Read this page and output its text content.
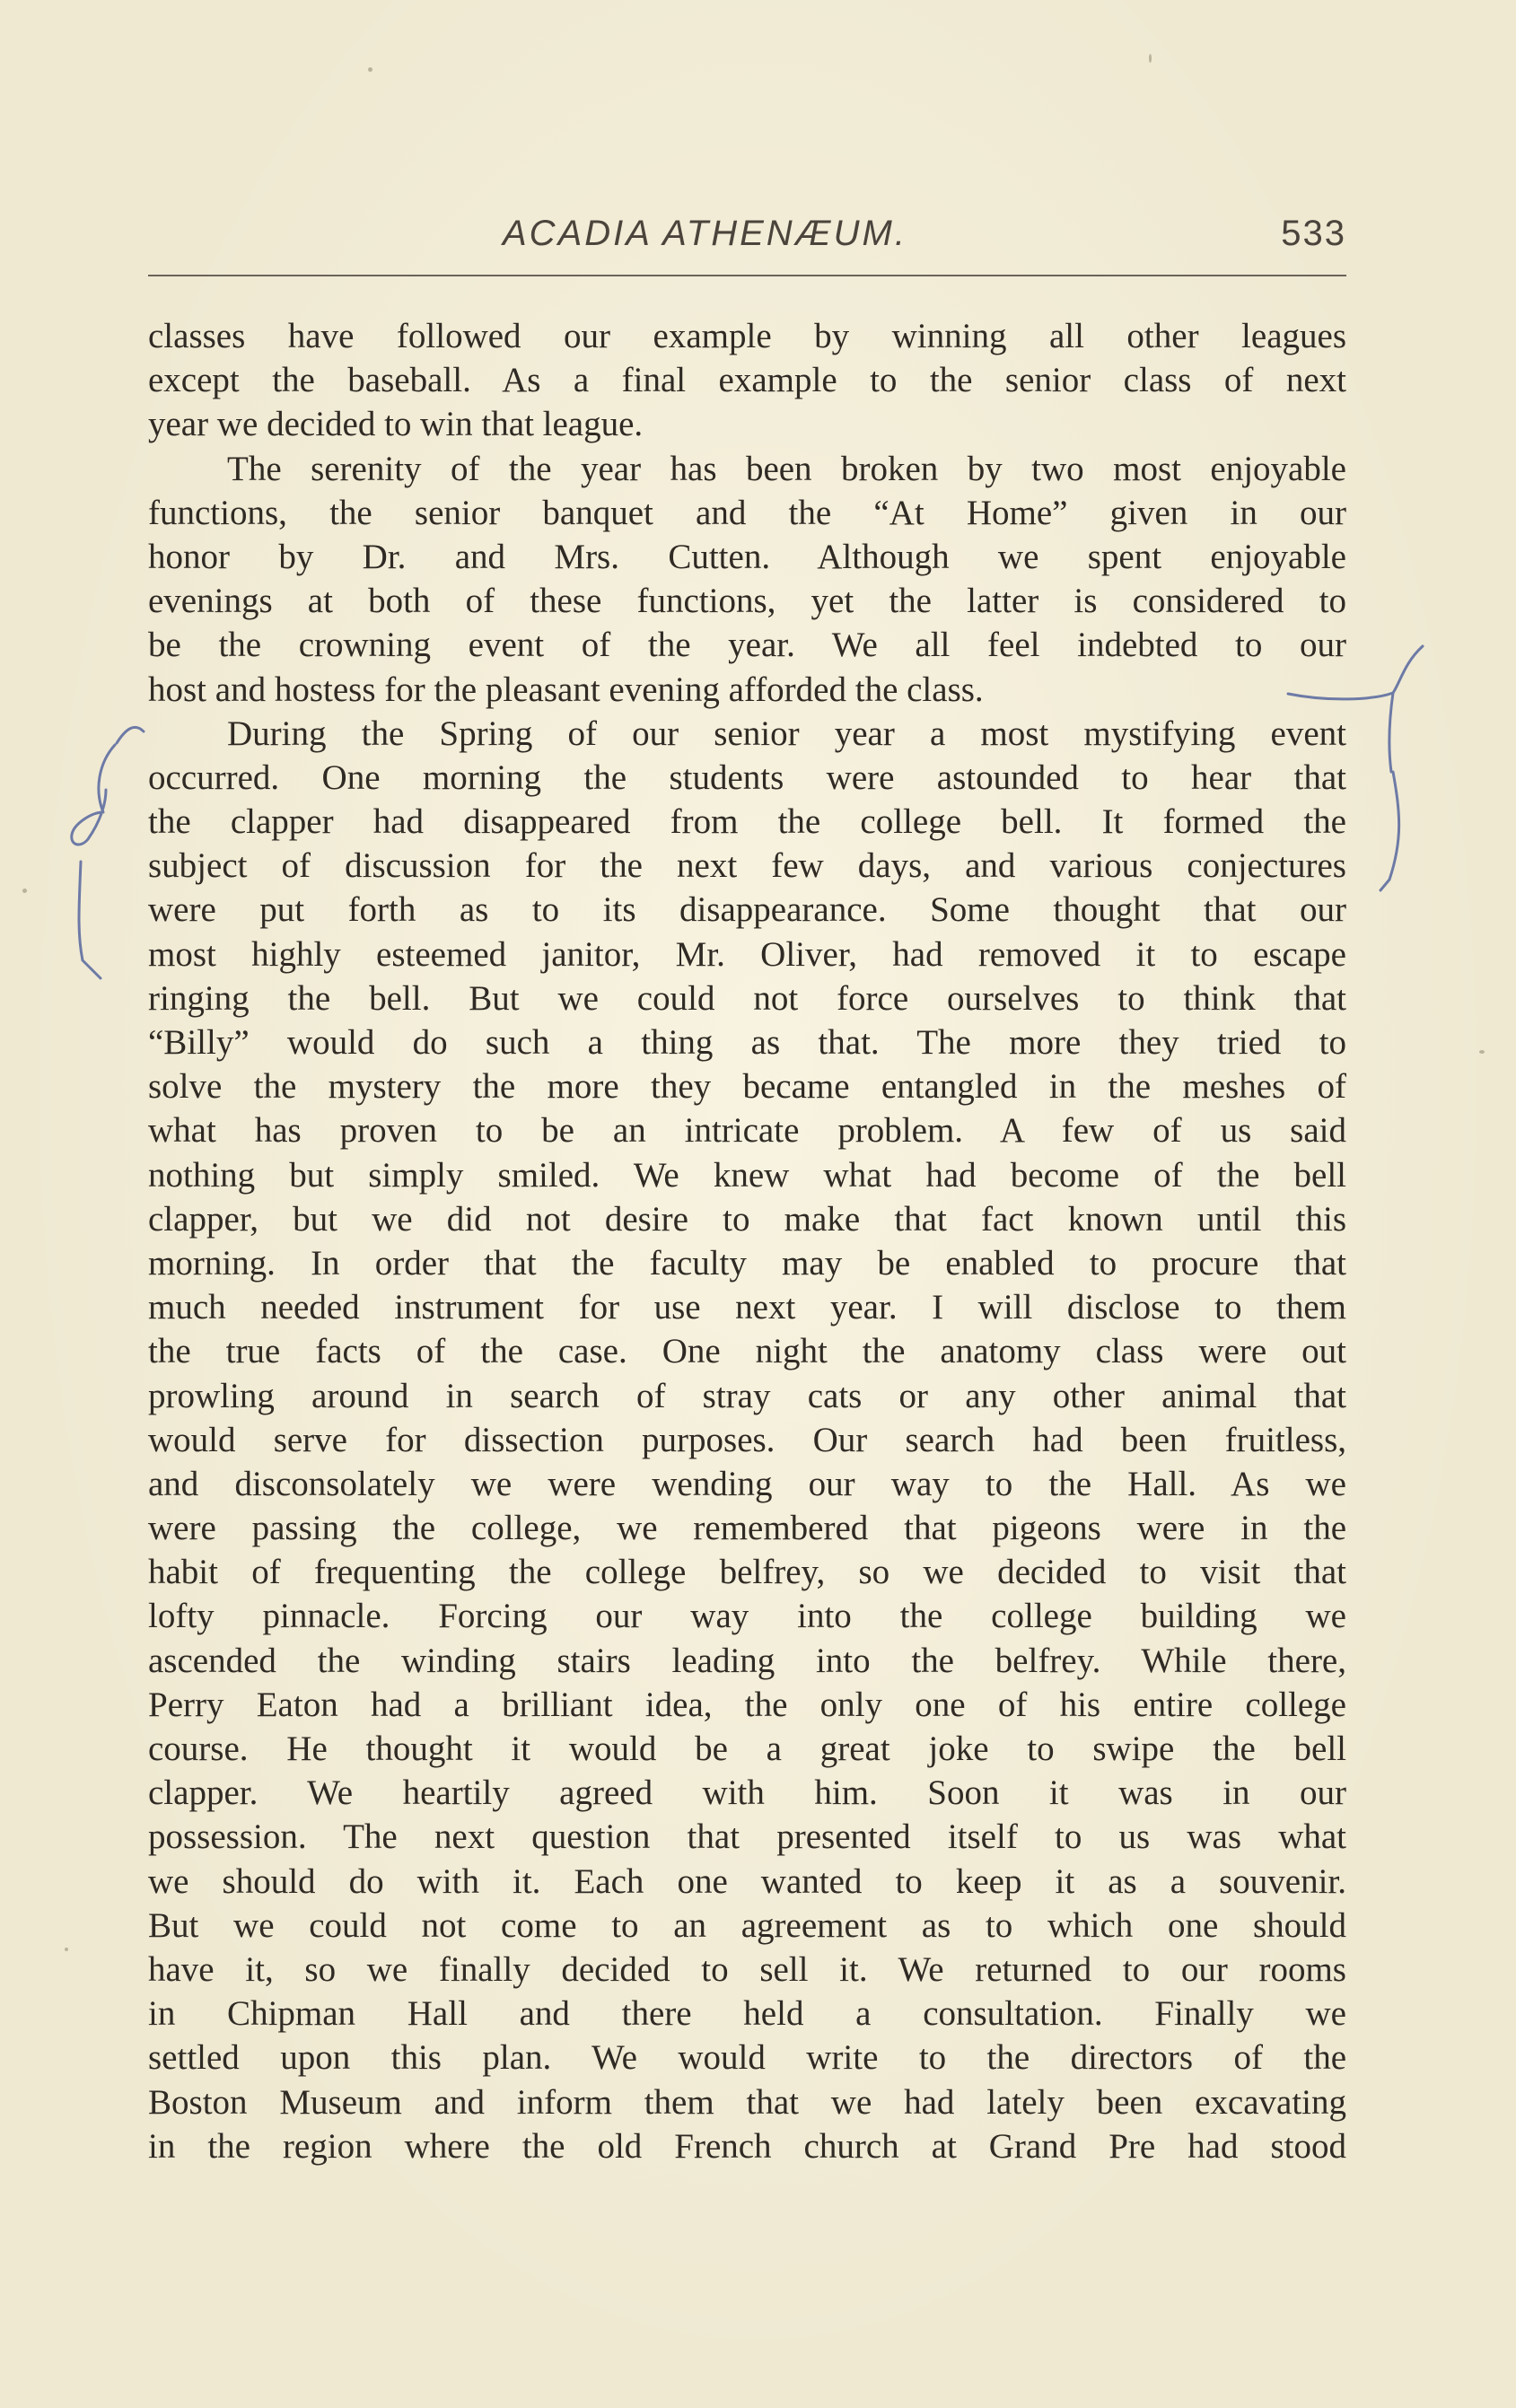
ACADIA ATHENÆUM.	533
classes have followed our example by winning all other leagues
except the baseball. As a final example to the senior class of next
year we decided to win that league.
The serenity of the year has been broken by two most enjoyable
functions, the senior banquet and the “At Home” given in our
honor by Dr. and Mrs. Cutten. Although we spent enjoyable
evenings at both of these functions, yet the latter is considered to
be the crowning event of the year. We all feel indebted to our
host and hostess for the pleasant evening afforded the class.
During the Spring of our senior year a most mystifying event
occurred. One morning the students were astounded to hear that
the clapper had disappeared from the college bell. It formed the
subject of discussion for the next few days, and various conjectures
were put forth as to its disappearance. Some thought that our
most highly esteemed janitor, Mr. Oliver, had removed it to escape
ringing the bell. But we could not force ourselves to think that
“Billy” would do such a thing as that. The more they tried to
solve the mystery the more they became entangled in the meshes of
what has proven to be an intricate problem. A few of us said
nothing but simply smiled. We knew what had become of the bell
clapper, but we did not desire to make that fact known until this
morning. In order that the faculty may be enabled to procure that
much needed instrument for use next year. I will disclose to them
the true facts of the case. One night the anatomy class were out
prowling around in search of stray cats or any other animal that
would serve for dissection purposes. Our search had been fruitless,
and disconsolately we were wending our way to the Hall. As we
were passing the college, we remembered that pigeons were in the
habit of frequenting the college belfrey, so we decided to visit that
lofty pinnacle. Forcing our way into the college building we
ascended the winding stairs leading into the belfrey. While there,
Perry Eaton had a brilliant idea, the only one of his entire college
course. He thought it would be a great joke to swipe the bell
clapper. We heartily agreed with him. Soon it was in our
possession. The next question that presented itself to us was what
we should do with it. Each one wanted to keep it as a souvenir.
But we could not come to an agreement as to which one should
have it, so we finally decided to sell it. We returned to our rooms
in Chipman Hall and there held a consultation. Finally we
settled upon this plan. We would write to the directors of the
Boston Museum and inform them that we had lately been excavating
in the region where the old French church at Grand Pre had stood
